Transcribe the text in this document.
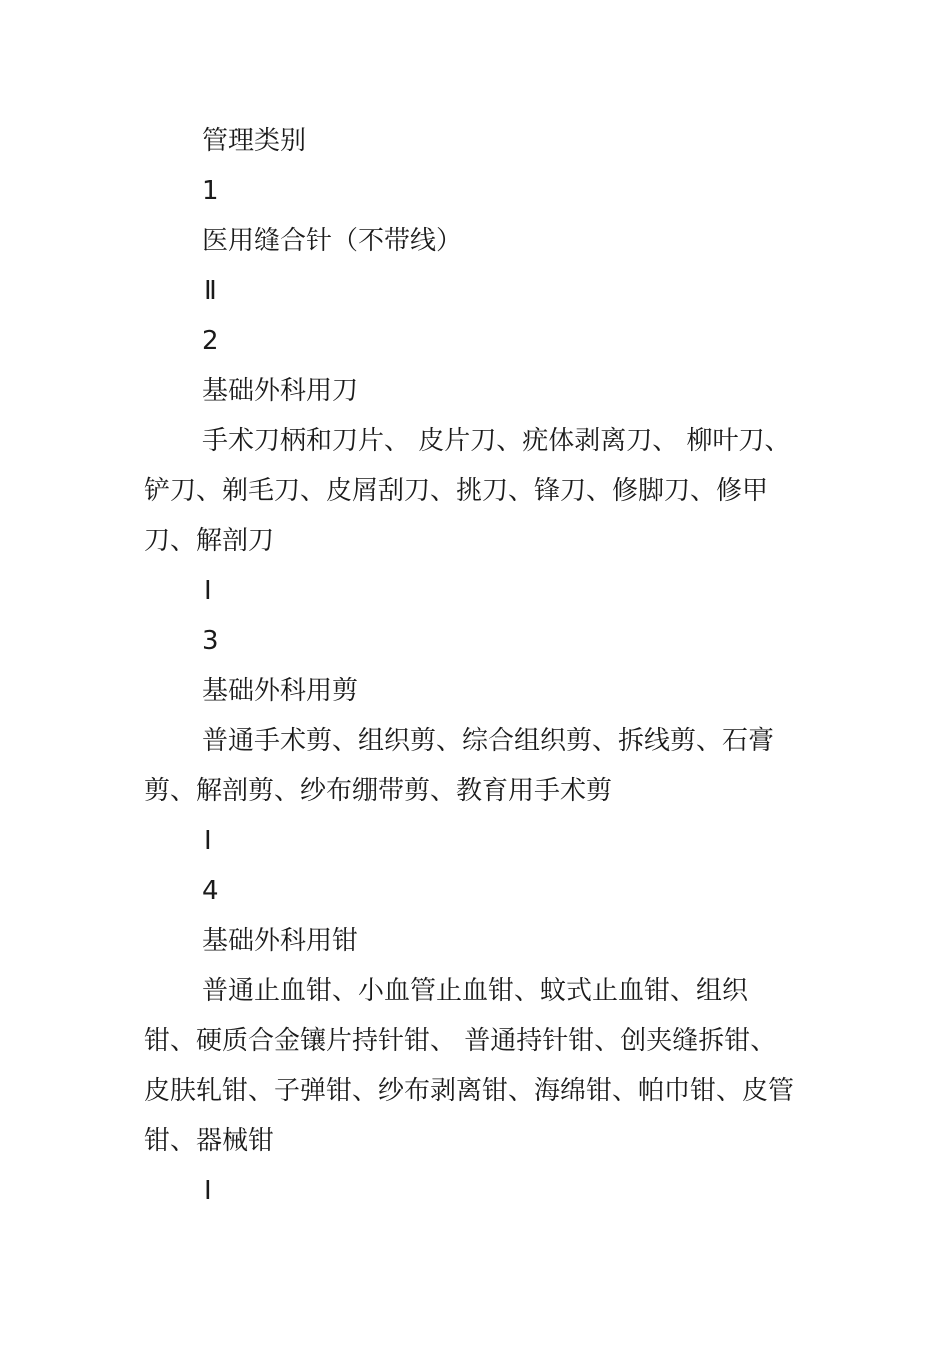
管理类别
1
医用缝合针（不带线）
Ⅱ
2
基础外科用刀
手术刀柄和刀片、 皮片刀、疣体剥离刀、 柳叶刀、铲刀、剃毛刀、皮屑刮刀、挑刀、锋刀、修脚刀、修甲刀、解剖刀
Ⅰ
3
基础外科用剪
普通手术剪、组织剪、综合组织剪、拆线剪、石膏剪、解剖剪、纱布绷带剪、教育用手术剪
Ⅰ
4
基础外科用钳
普通止血钳、小血管止血钳、蚊式止血钳、组织钳、硬质合金镶片持针钳、 普通持针钳、创夹缝拆钳、皮肤轧钳、子弹钳、纱布剥离钳、海绵钳、帕巾钳、皮管钳、器械钳
Ⅰ
